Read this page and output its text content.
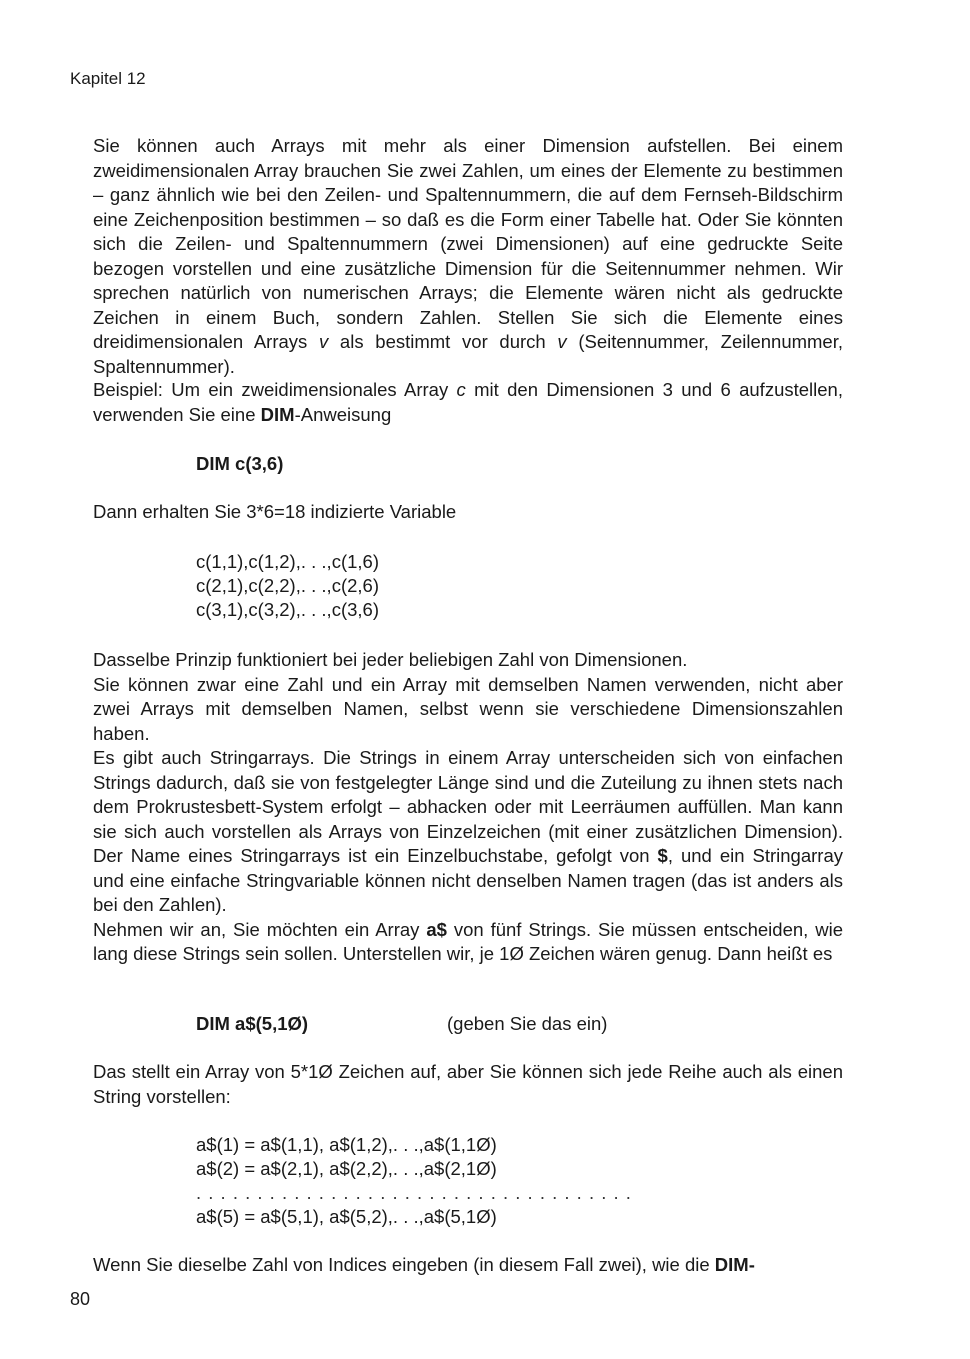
Kapitel 12

Sie können auch Arrays mit mehr als einer Dimension aufstellen. Bei einem zweidimensionalen Array brauchen Sie zwei Zahlen, um eines der Elemente zu bestimmen – ganz ähnlich wie bei den Zeilen- und Spaltennummern, die auf dem Fernseh-Bildschirm eine Zeichenposition bestimmen – so daß es die Form einer Tabelle hat. Oder Sie könnten sich die Zeilen- und Spaltennummern (zwei Dimensionen) auf eine gedruckte Seite bezogen vorstellen und eine zusätzliche Dimension für die Seitennummer nehmen. Wir sprechen natürlich von numerischen Arrays; die Elemente wären nicht als gedruckte Zeichen in einem Buch, sondern Zahlen. Stellen Sie sich die Elemente eines dreidimensionalen Arrays v als bestimmt vor durch v (Seitennummer, Zeilennummer, Spaltennummer).

Beispiel: Um ein zweidimensionales Array c mit den Dimensionen 3 und 6 aufzustellen, verwenden Sie eine DIM-Anweisung

DIM c(3,6)
Dann erhalten Sie 3*6=18 indizierte Variable
c(1,1),c(1,2),. . .,c(1,6)
c(2,1),c(2,2),. . .,c(2,6)
c(3,1),c(3,2),. . .,c(3,6)

Dasselbe Prinzip funktioniert bei jeder beliebigen Zahl von Dimensionen.

Sie können zwar eine Zahl und ein Array mit demselben Namen verwenden, nicht aber zwei Arrays mit demselben Namen, selbst wenn sie verschiedene Dimensionszahlen haben.

Es gibt auch Stringarrays. Die Strings in einem Array unterscheiden sich von einfachen Strings dadurch, daß sie von festgelegter Länge sind und die Zuteilung zu ihnen stets nach dem Prokrustesbett-System erfolgt – abhacken oder mit Leerräumen auffüllen. Man kann sie sich auch vorstellen als Arrays von Einzelzeichen (mit einer zusätzlichen Dimension). Der Name eines Stringarrays ist ein Einzelbuchstabe, gefolgt von $, und ein Stringarray und eine einfache Stringvariable können nicht denselben Namen tragen (das ist anders als bei den Zahlen).

Nehmen wir an, Sie möchten ein Array a$ von fünf Strings. Sie müssen entscheiden, wie lang diese Strings sein sollen. Unterstellen wir, je 1Ø Zeichen wären genug. Dann heißt es

DIM a$(5,1Ø)	(geben Sie das ein)

Das stellt ein Array von 5*1Ø Zeichen auf, aber Sie können sich jede Reihe auch als einen String vorstellen:

a$(1) = a$(1,1), a$(1,2),. . .,a$(1,1Ø)
a$(2) = a$(2,1), a$(2,2),. . .,a$(2,1Ø)
. . . . . . . . . . . . . . . . . . . . . . . . . . . . . . . . . . . .
a$(5) = a$(5,1), a$(5,2),. . .,a$(5,1Ø)
Wenn Sie dieselbe Zahl von Indices eingeben (in diesem Fall zwei), wie die DIM-
80
